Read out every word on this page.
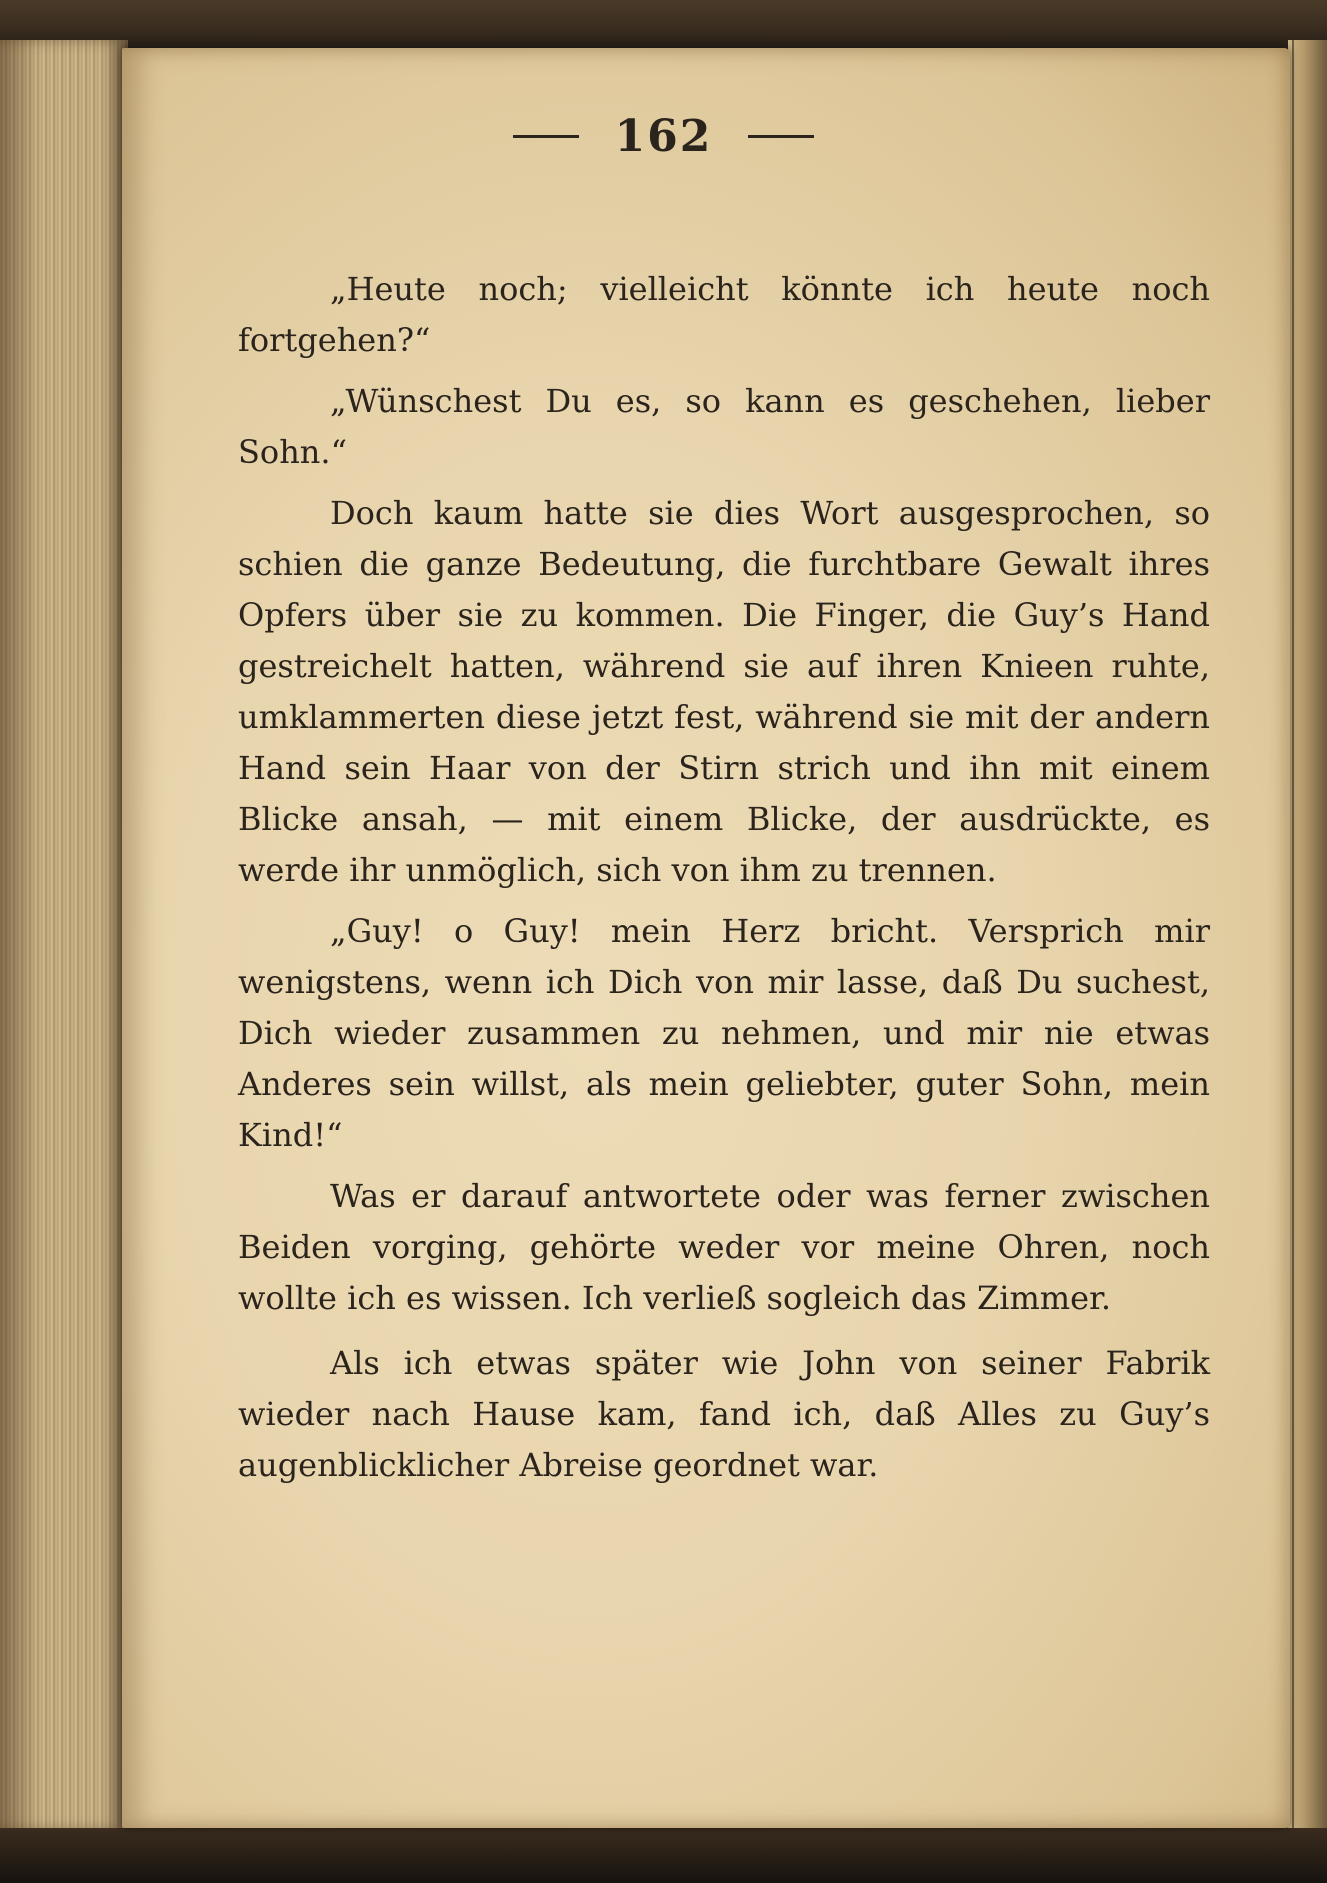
162

„Heute noch; vielleicht könnte ich heute noch fortgehen?“

„Wünschest Du es, so kann es geschehen, lieber Sohn.“

Doch kaum hatte sie dies Wort ausgesprochen, so schien die ganze Bedeutung, die furchtbare Gewalt ihres Opfers über sie zu kommen. Die Finger, die Guy’s Hand gestreichelt hatten, während sie auf ihren Knieen ruhte, umklammerten diese jetzt fest, während sie mit der andern Hand sein Haar von der Stirn strich und ihn mit einem Blicke ansah, — mit einem Blicke, der ausdrückte, es werde ihr unmöglich, sich von ihm zu trennen.

„Guy! o Guy! mein Herz bricht. Versprich mir wenigstens, wenn ich Dich von mir lasse, daß Du suchest, Dich wieder zusammen zu nehmen, und mir nie etwas Anderes sein willst, als mein geliebter, guter Sohn, mein Kind!“

Was er darauf antwortete oder was ferner zwischen Beiden vorging, gehörte weder vor meine Ohren, noch wollte ich es wissen. Ich verließ sogleich das Zimmer.

Als ich etwas später wie John von seiner Fabrik wieder nach Hause kam, fand ich, daß Alles zu Guy’s augenblicklicher Abreise geordnet war.
